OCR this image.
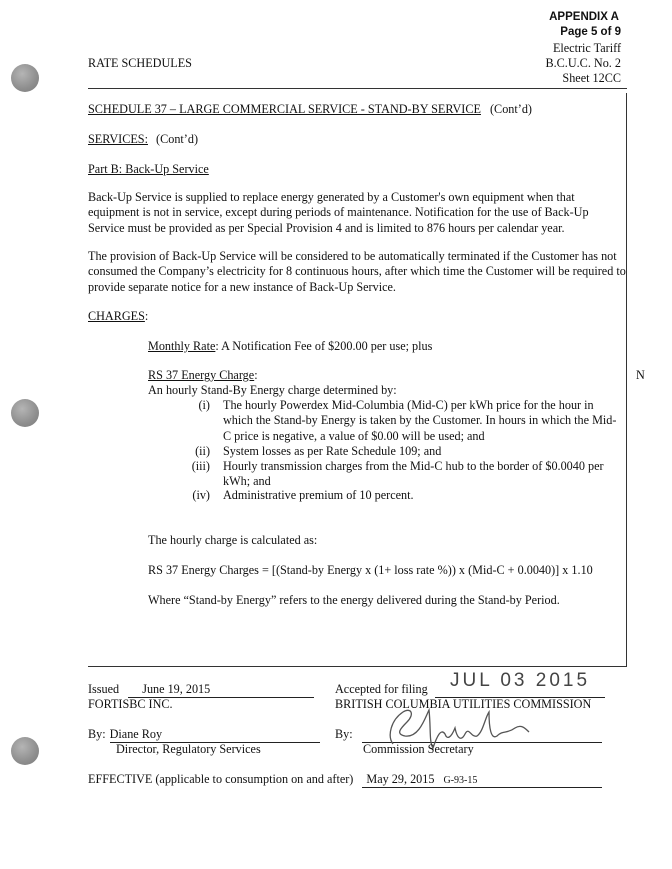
APPENDIX A
Page 5 of 9
Electric Tariff
B.C.U.C. No. 2
Sheet 12CC
RATE SCHEDULES
SCHEDULE 37 – LARGE COMMERCIAL SERVICE - STAND-BY SERVICE (Cont’d)
SERVICES: (Cont’d)
Part B: Back-Up Service
Back-Up Service is supplied to replace energy generated by a Customer's own equipment when that equipment is not in service, except during periods of maintenance. Notification for the use of Back-Up Service must be provided as per Special Provision 4 and is limited to 876 hours per calendar year.
The provision of Back-Up Service will be considered to be automatically terminated if the Customer has not consumed the Company’s electricity for 8 continuous hours, after which time the Customer will be required to provide separate notice for a new instance of Back-Up Service.
CHARGES:
Monthly Rate: A Notification Fee of $200.00 per use; plus
RS 37 Energy Charge:
An hourly Stand-By Energy charge determined by:
N
(i) The hourly Powerdex Mid-Columbia (Mid-C) per kWh price for the hour in which the Stand-by Energy is taken by the Customer. In hours in which the Mid-C price is negative, a value of $0.00 will be used; and
(ii) System losses as per Rate Schedule 109; and
(iii) Hourly transmission charges from the Mid-C hub to the border of $0.0040 per kWh; and
(iv) Administrative premium of 10 percent.
The hourly charge is calculated as:
RS 37 Energy Charges = [(Stand-by Energy x (1+ loss rate %)) x (Mid-C + 0.0040)] x 1.10
Where “Stand-by Energy” refers to the energy delivered during the Stand-by Period.
Issued June 19, 2015
FORTISBC INC.
By: Diane Roy
Director, Regulatory Services
Accepted for filing	JUL 03 2015
BRITISH COLUMBIA UTILITIES COMMISSION
By:
Commission Secretary
EFFECTIVE (applicable to consumption on and after) May 29, 2015 G-93-15
